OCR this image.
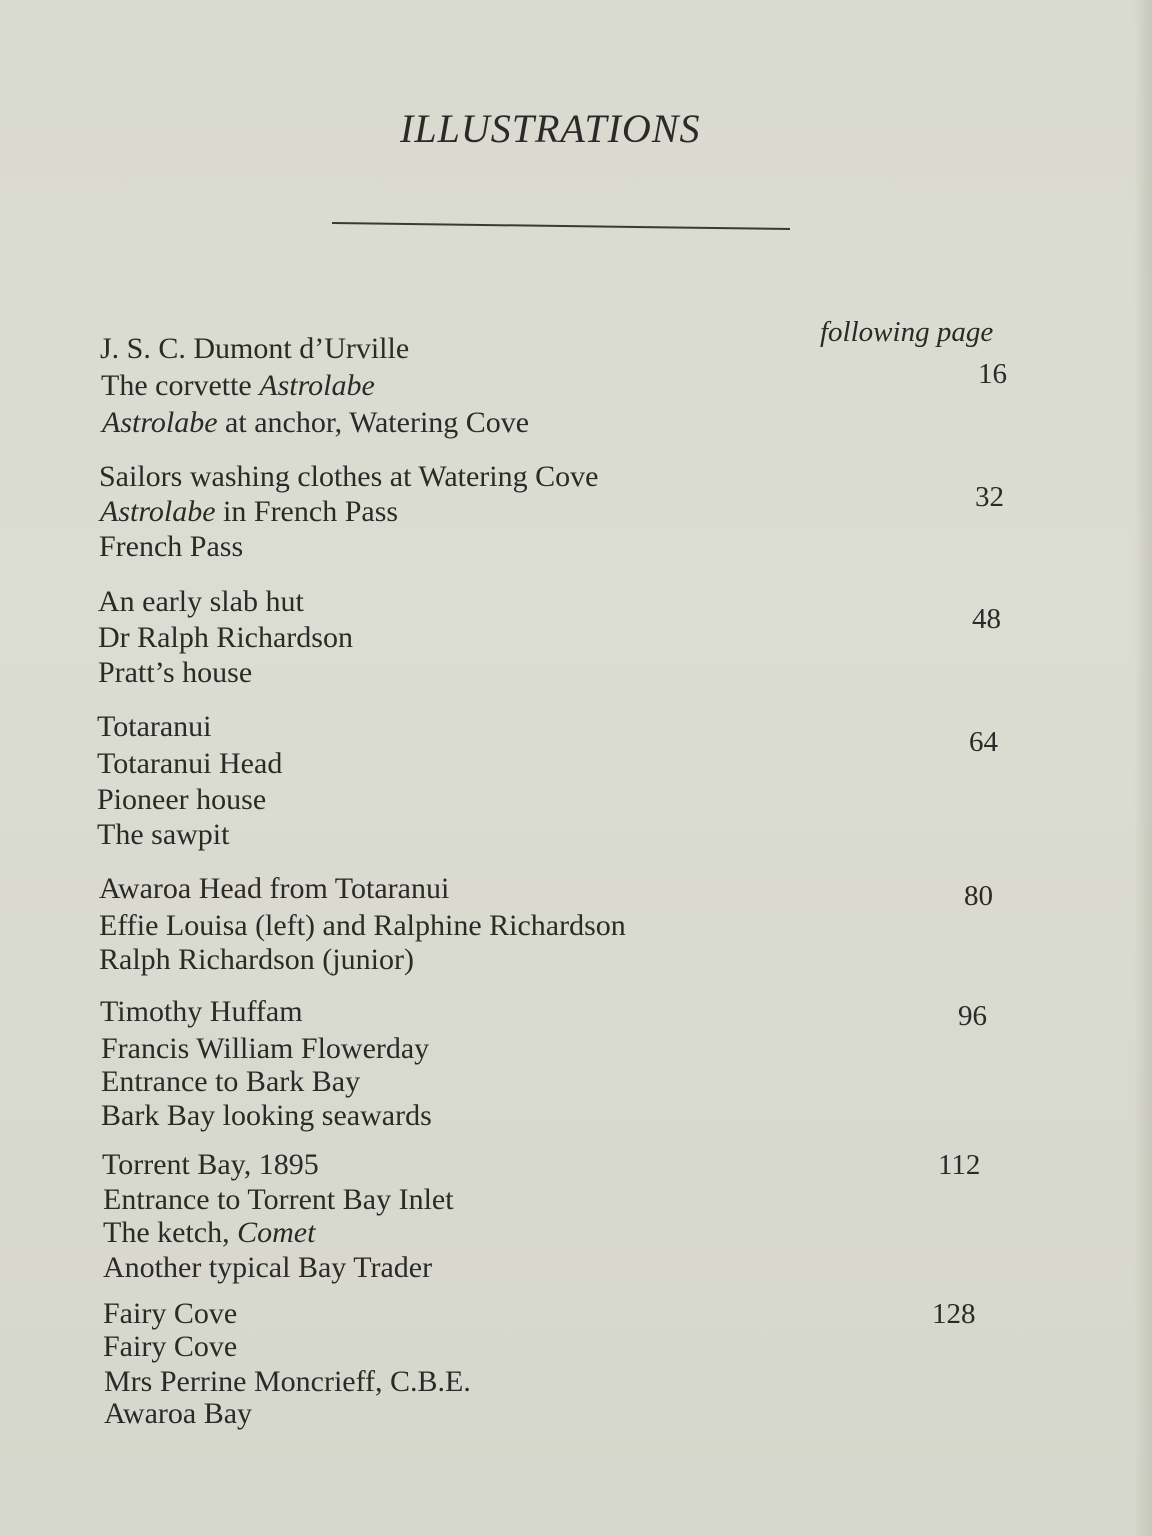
ILLUSTRATIONS
following page
J. S. C. Dumont d’Urville
The corvette Astrolabe
Astrolabe at anchor, Watering Cove
16
Sailors washing clothes at Watering Cove
Astrolabe in French Pass
French Pass
32
An early slab hut
Dr Ralph Richardson
Pratt’s house
48
Totaranui
Totaranui Head
Pioneer house
The sawpit
64
Awaroa Head from Totaranui
Effie Louisa (left) and Ralphine Richardson
Ralph Richardson (junior)
80
Timothy Huffam
Francis William Flowerday
Entrance to Bark Bay
Bark Bay looking seawards
96
Torrent Bay, 1895
Entrance to Torrent Bay Inlet
The ketch, Comet
Another typical Bay Trader
112
Fairy Cove
Fairy Cove
Mrs Perrine Moncrieff, C.B.E.
Awaroa Bay
128
